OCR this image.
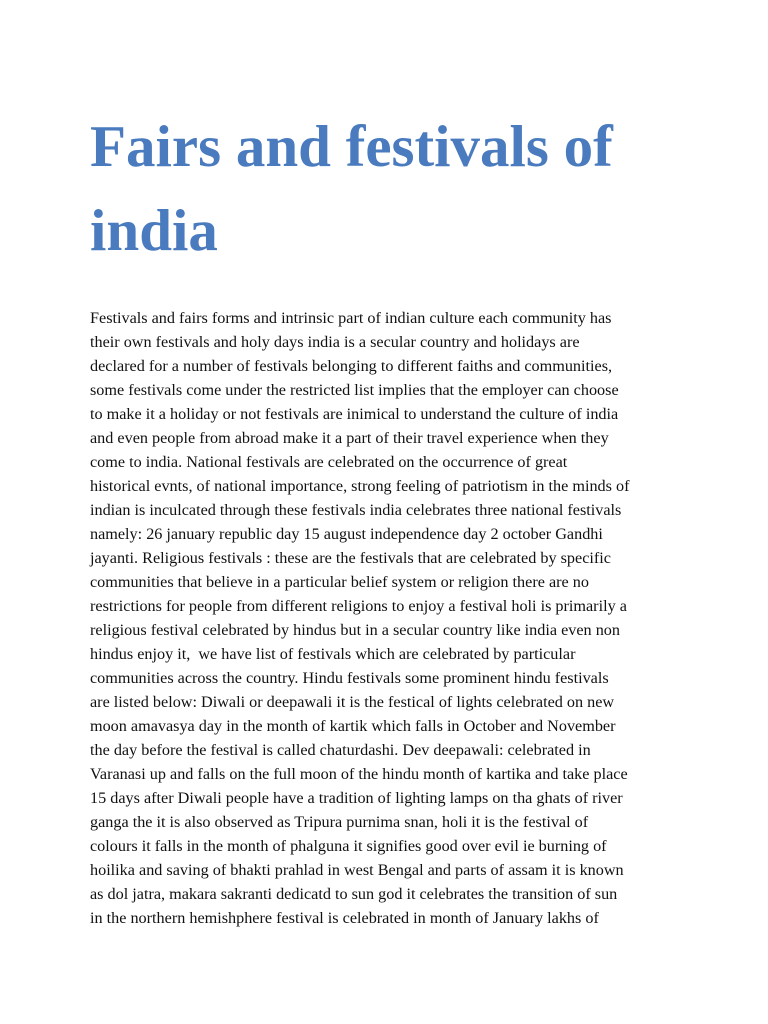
Fairs and festivals of india

Festivals and fairs forms and intrinsic part of indian culture each community has
their own festivals and holy days india is a secular country and holidays are
declared for a number of festivals belonging to different faiths and communities,
some festivals come under the restricted list implies that the employer can choose
to make it a holiday or not festivals are inimical to understand the culture of india
and even people from abroad make it a part of their travel experience when they
come to india. National festivals are celebrated on the occurrence of great
historical evnts, of national importance, strong feeling of patriotism in the minds of
indian is inculcated through these festivals india celebrates three national festivals
namely: 26 january republic day 15 august independence day 2 october Gandhi
jayanti. Religious festivals : these are the festivals that are celebrated by specific
communities that believe in a particular belief system or religion there are no
restrictions for people from different religions to enjoy a festival holi is primarily a
religious festival celebrated by hindus but in a secular country like india even non
hindus enjoy it,  we have list of festivals which are celebrated by particular
communities across the country. Hindu festivals some prominent hindu festivals
are listed below: Diwali or deepawali it is the festical of lights celebrated on new
moon amavasya day in the month of kartik which falls in October and November
the day before the festival is called chaturdashi. Dev deepawali: celebrated in
Varanasi up and falls on the full moon of the hindu month of kartika and take place
15 days after Diwali people have a tradition of lighting lamps on tha ghats of river
ganga the it is also observed as Tripura purnima snan, holi it is the festival of
colours it falls in the month of phalguna it signifies good over evil ie burning of
hoilika and saving of bhakti prahlad in west Bengal and parts of assam it is known
as dol jatra, makara sakranti dedicatd to sun god it celebrates the transition of sun
in the northern hemishphere festival is celebrated in month of January lakhs of
